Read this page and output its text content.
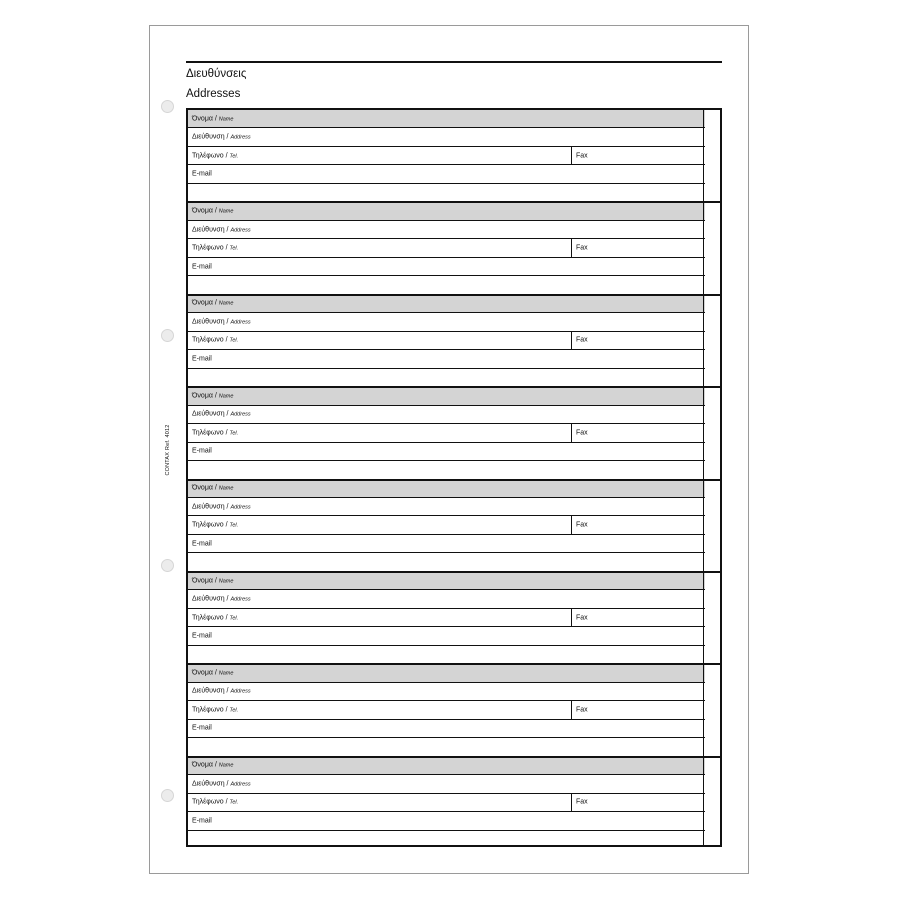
Διευθύνσεις
Addresses
CONTAX Ref. 4012
Όνομα / Name
Διεύθυνση / Address
Τηλέφωνο / Tel.	Fax
E-mail
Όνομα / Name
Διεύθυνση / Address
Τηλέφωνο / Tel.	Fax
E-mail
Όνομα / Name
Διεύθυνση / Address
Τηλέφωνο / Tel.	Fax
E-mail
Όνομα / Name
Διεύθυνση / Address
Τηλέφωνο / Tel.	Fax
E-mail
Όνομα / Name
Διεύθυνση / Address
Τηλέφωνο / Tel.	Fax
E-mail
Όνομα / Name
Διεύθυνση / Address
Τηλέφωνο / Tel.	Fax
E-mail
Όνομα / Name
Διεύθυνση / Address
Τηλέφωνο / Tel.	Fax
E-mail
Όνομα / Name
Διεύθυνση / Address
Τηλέφωνο / Tel.	Fax
E-mail
